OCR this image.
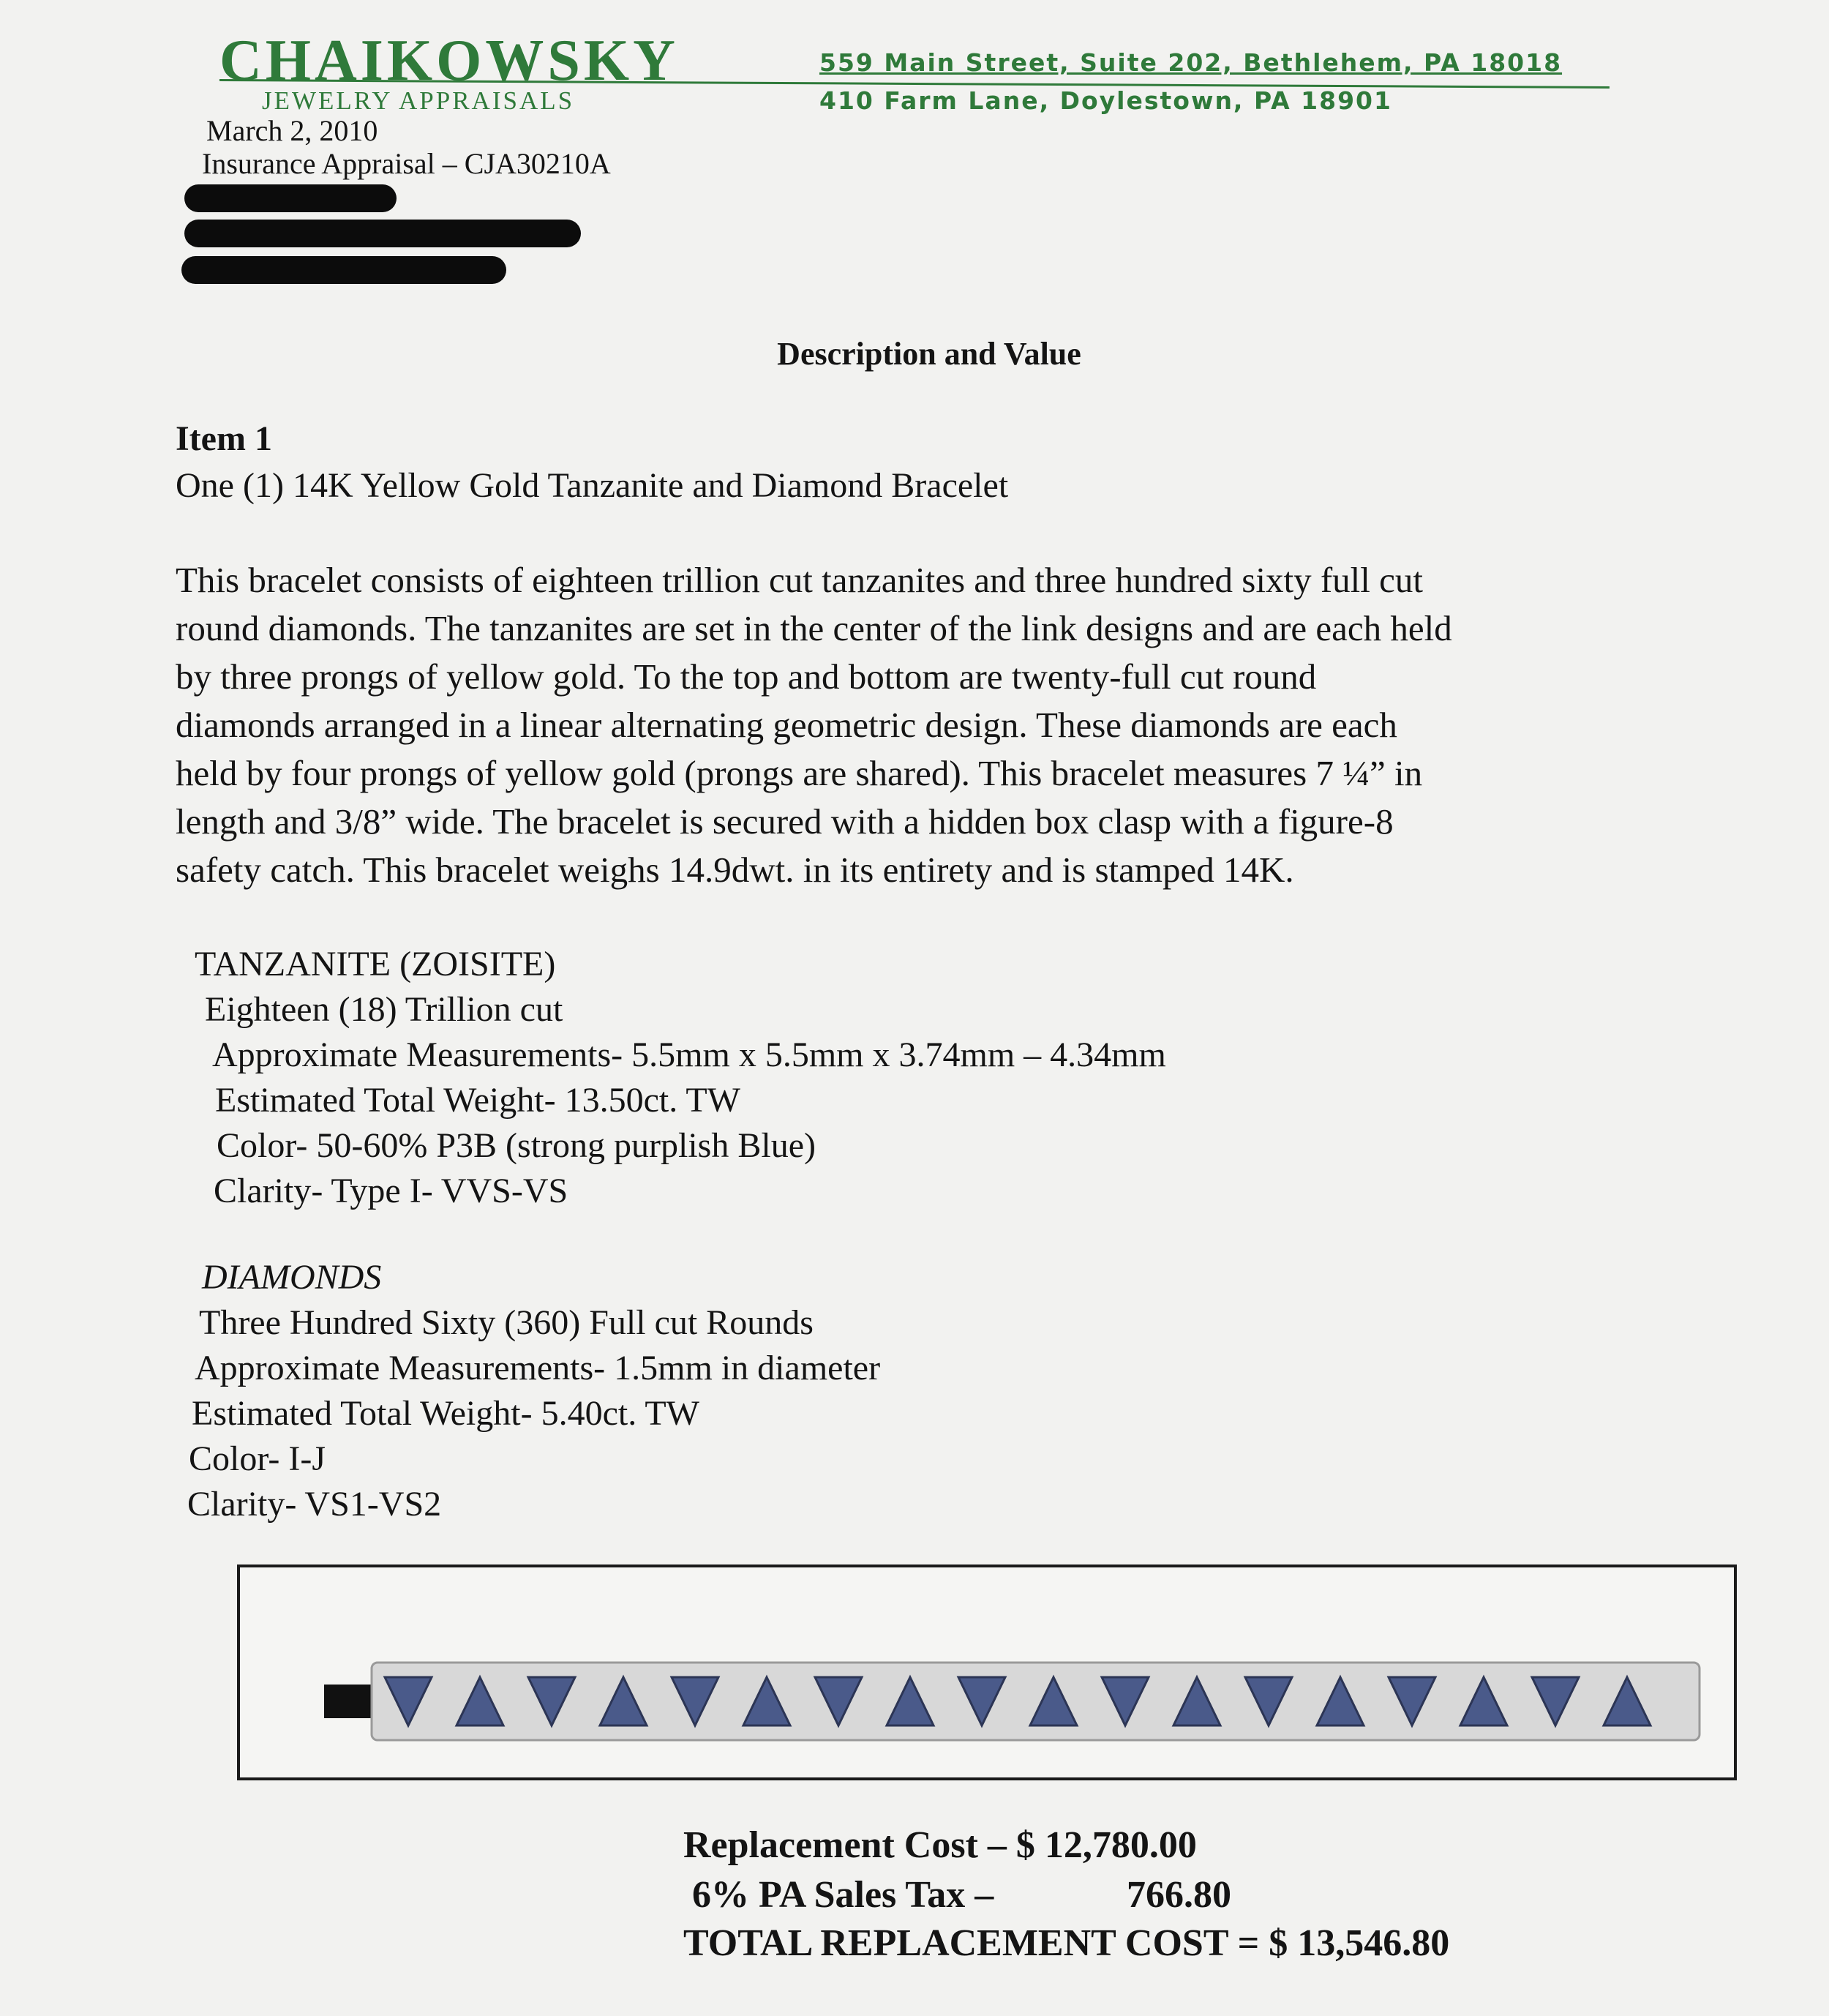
CHAIKOWSKY
JEWELRY APPRAISALS
559 Main Street, Suite 202, Bethlehem, PA 18018
410 Farm Lane, Doylestown, PA 18901
March 2, 2010
Insurance Appraisal – CJA30210A
Description and Value
Item 1
One (1) 14K Yellow Gold Tanzanite and Diamond Bracelet
This bracelet consists of eighteen trillion cut tanzanites and three hundred sixty full cut
round diamonds. The tanzanites are set in the center of the link designs and are each held
by three prongs of yellow gold. To the top and bottom are twenty-full cut round
diamonds arranged in a linear alternating geometric design. These diamonds are each
held by four prongs of yellow gold (prongs are shared). This bracelet measures 7 ¼” in
length and 3/8” wide. The bracelet is secured with a hidden box clasp with a figure-8
safety catch. This bracelet weighs 14.9dwt. in its entirety and is stamped 14K.
TANZANITE (ZOISITE)
Eighteen (18) Trillion cut
Approximate Measurements- 5.5mm x 5.5mm x 3.74mm – 4.34mm
Estimated Total Weight- 13.50ct. TW
Color- 50-60% P3B (strong purplish Blue)
Clarity- Type I- VVS-VS
DIAMONDS
Three Hundred Sixty (360) Full cut Rounds
Approximate Measurements- 1.5mm in diameter
Estimated Total Weight- 5.40ct. TW
Color- I-J
Clarity- VS1-VS2
Replacement Cost – $ 12,780.00
6% PA Sales Tax –	766.80
TOTAL REPLACEMENT COST = $ 13,546.80
